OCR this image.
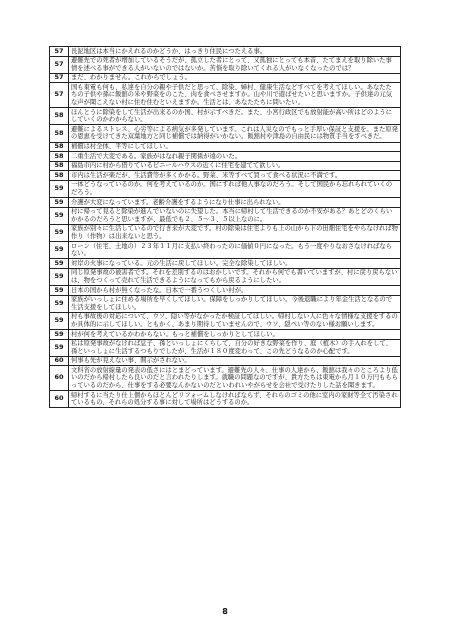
57	長泥地区は本当にかえれるのかどうか、はっきり住民につたえる事。
57	避難先での死者が増加しているそうだが、孤立した者にとって、又孤独にとっても本音、たてまえを取り除いた事情を述べる事ができる人がいないのではないか。苦悩を取り除いてくれる人がいなくなったのでは？
57	まだ、わかりません。これからでしょう。
57	国も東電も何も、私達を自分の親や子供だと思って、除染、婦村、健康生活などすべてを考えてほしい。あなたたちの子供や孫に飯舘の米や野菜をのこた、肉を食べさせますか。山や川で遊ばせたいと思いますか。子供達の元気な声が聞こえない村に住む住むといえますか。生活とは、あなたたちに問いたい。
58	ほんとうに除染をして生活が出来るのか国、村が示すべきだ。また、小宮行政区でも放射能が高い所はどのようにしていくのかわからない。
58	避難によるストレス、心労等による病気が多発しています。これは人災なのでもっと手厚い保証と支援を。また原発の恩恵を受けてきた双葉地方と同じ補償では納得がいかない。飯舘村や津島の自由民には物質手当をすべきだ。
58	補償は村全体、平等にしてほしい。
58	二重生活で大変である。家族がはなれ親子関係が遠のいた。
58	福島市内に村から借りているビニールハウスの近くに住宅を建てて欲しい。
58	市内は生活が楽だが、生活費等が多くかかる。野菜、米等すべて買って食べる状況に不満です。
59	一体どうなっているのか。何を考えているのか。国にすれば他人事なのだろう。そして国民から忘れられていくのだろう。
59	介護が大変になっています。老齢介護をするようになり仕事に出られない。
59	村に帰って見ると除染が進んでいないのに失望した。本当に帰村して生活できるのか不安がある？あとどのくらいかかるのだろうと思いますが、最低でも２、５〜３、５以上なのに。
59	家族が別々に生活しているので行き来が大変です。村の除染は住宅よりも上の山から下の田畑住宅をやらなければ物作り（作物）は出来ないと思う。
59	ローン（住宅、土地の）２３年１１月に支払い終わったのに価値０円になった。もう一度やりなおさなければならない。
59	対岸の火事になっている。元の生活に戻してほしい。完全な除染してほしい。
59	同じ原発事故の被害者です。それを差別するのはおかしいです。それから何でも書いていますが、村に戻り戻らないは、物をつくって売れて生活できるようになってもから戻るようにしたい。
59	日本の国から村が無くなったな。日本で一番うつくしい村が。
59	家族がいっしょに住める場所を早くしてほしい。保障をしっかりしてほしい。今後退職により年金生活となるので生活支援をしてほしい。
59	村も事故後の対応について、ウソ、隠い等がなかったか検証してほしい。帰村しない人に色々な情様な支援をするのか具体的に示してほしい。ともかく、あまり期待していませんので、ウソ、隠ぺい等のない様お願いします。
59	村が何を考えているかわからない。もっと補償をしっかりとしてほしい。
59	私は原発事故がなければ息子、孫といっしょにくらして、自分の好きな野菜を作り、庭（植木）の手入れをして、孫といっしょに生活するつもりでしたが、生活が１８０度変わって、この先どうなるのか心配です。
60	何事も先が見えない事、開示がされない。
60	文科省の放射線量の発表の低さにはとまどっています。避難先の人々、仕事の人達から、飯舘は我々のところより低いのだから帰村したら良いのだと言われたりします。就職の問題なのですが、貴方たちは東電から月１０万円ももらっているのだから、仕事をする必要なんかないのだといわれいやがらせを会社で受けたりした話を聞きます。
60	帰村するに当たり仕上個からほとんどリフォームしなければならず、それらのゴミの他に室内の家財等全て汚染されているもの、それらの処分する事に対して場所はどうするのか。
8
